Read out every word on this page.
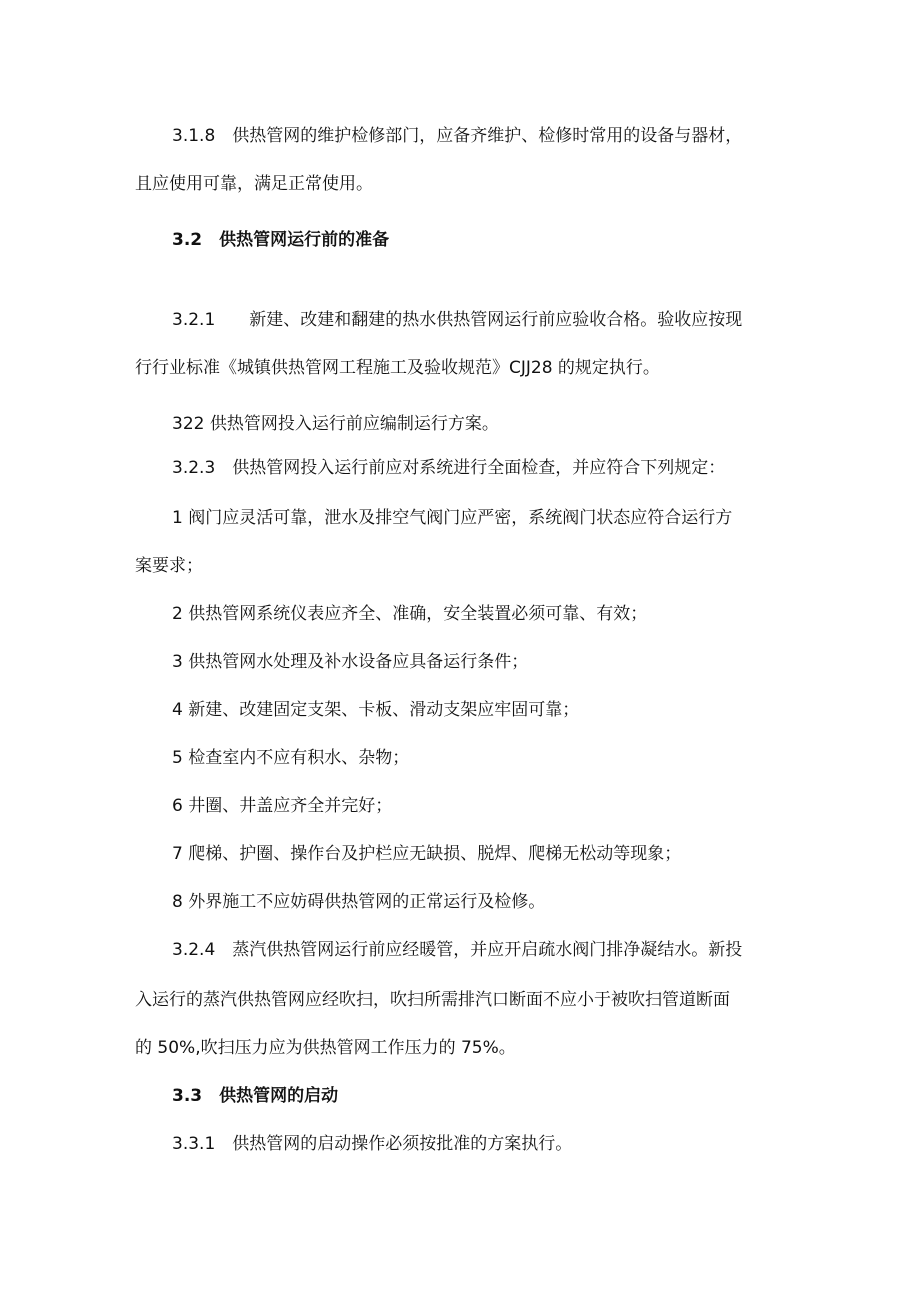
3.1.8　供热管网的维护检修部门，应备齐维护、检修时常用的设备与器材，
且应使用可靠，满足正常使用。
3.2　供热管网运行前的准备
3.2.1　　新建、改建和翻建的热水供热管网运行前应验收合格。验收应按现
行行业标准《城镇供热管网工程施工及验收规范》CJJ28 的规定执行。
322 供热管网投入运行前应编制运行方案。
3.2.3　供热管网投入运行前应对系统进行全面检查，并应符合下列规定：
1 阀门应灵活可靠，泄水及排空气阀门应严密，系统阀门状态应符合运行方
案要求；
2 供热管网系统仪表应齐全、准确，安全装置必须可靠、有效；
3 供热管网水处理及补水设备应具备运行条件；
4 新建、改建固定支架、卡板、滑动支架应牢固可靠；
5 检查室内不应有积水、杂物；
6 井圈、井盖应齐全并完好；
7 爬梯、护圈、操作台及护栏应无缺损、脱焊、爬梯无松动等现象；
8 外界施工不应妨碍供热管网的正常运行及检修。
3.2.4　蒸汽供热管网运行前应经暖管，并应开启疏水阀门排净凝结水。新投
入运行的蒸汽供热管网应经吹扫，吹扫所需排汽口断面不应小于被吹扫管道断面
的 50%,吹扫压力应为供热管网工作压力的 75%。
3.3　供热管网的启动
3.3.1　供热管网的启动操作必须按批准的方案执行。
